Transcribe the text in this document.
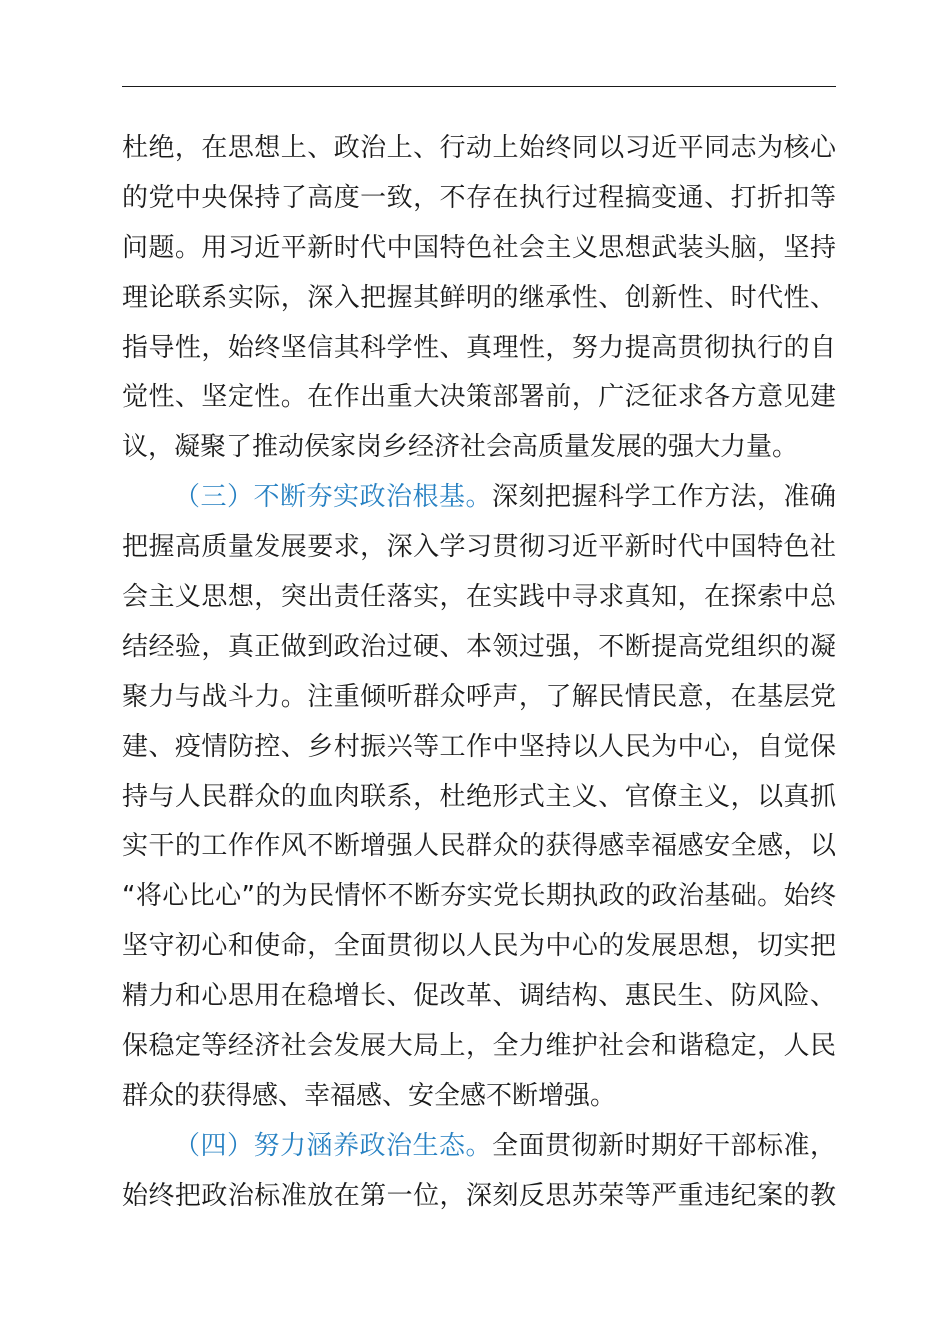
杜绝，在思想上、政治上、行动上始终同以习近平同志为核心
的党中央保持了高度一致，不存在执行过程搞变通、打折扣等
问题。用习近平新时代中国特色社会主义思想武装头脑，坚持
理论联系实际，深入把握其鲜明的继承性、创新性、时代性、
指导性，始终坚信其科学性、真理性，努力提高贯彻执行的自
觉性、坚定性。在作出重大决策部署前，广泛征求各方意见建
议，凝聚了推动侯家岗乡经济社会高质量发展的强大力量。
（三）不断夯实政治根基。深刻把握科学工作方法，准确
把握高质量发展要求，深入学习贯彻习近平新时代中国特色社
会主义思想，突出责任落实，在实践中寻求真知，在探索中总
结经验，真正做到政治过硬、本领过强，不断提高党组织的凝
聚力与战斗力。注重倾听群众呼声，了解民情民意，在基层党
建、疫情防控、乡村振兴等工作中坚持以人民为中心，自觉保
持与人民群众的血肉联系，杜绝形式主义、官僚主义，以真抓
实干的工作作风不断增强人民群众的获得感幸福感安全感，以
“将心比心”的为民情怀不断夯实党长期执政的政治基础。始终
坚守初心和使命，全面贯彻以人民为中心的发展思想，切实把
精力和心思用在稳增长、促改革、调结构、惠民生、防风险、
保稳定等经济社会发展大局上，全力维护社会和谐稳定，人民
群众的获得感、幸福感、安全感不断增强。
（四）努力涵养政治生态。全面贯彻新时期好干部标准，
始终把政治标准放在第一位，深刻反思苏荣等严重违纪案的教
